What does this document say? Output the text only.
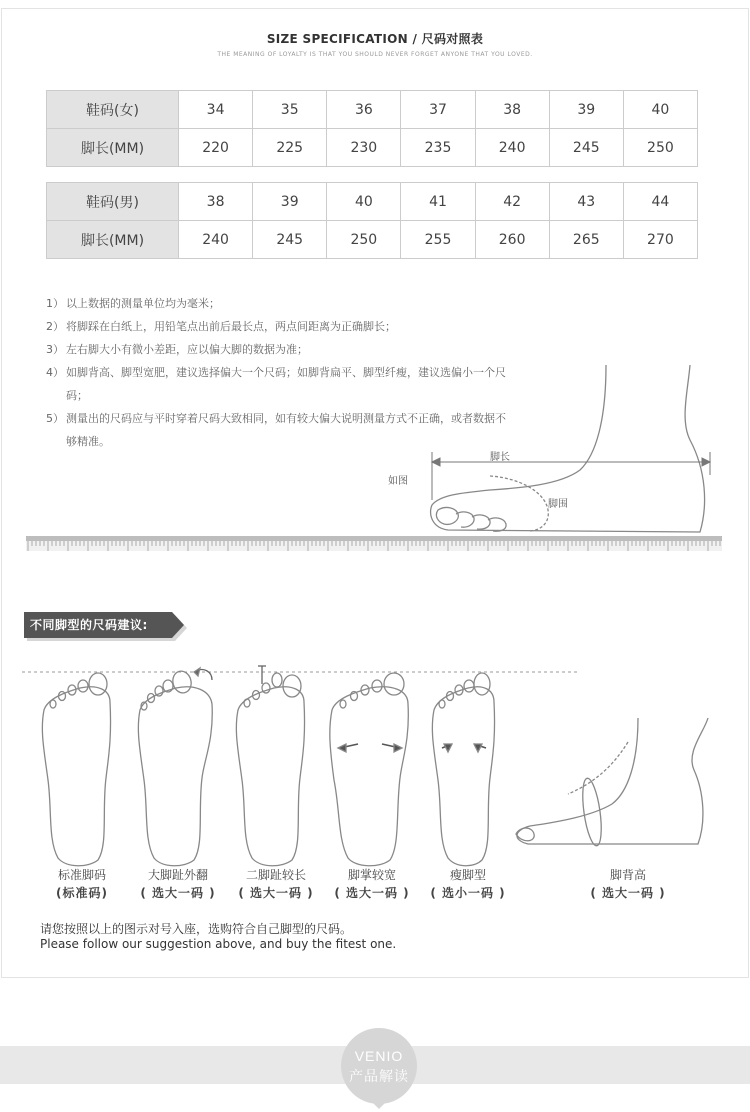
SIZE SPECIFICATION / 尺码对照表
THE MEANING OF LOYALTY IS THAT YOU SHOULD NEVER FORGET ANYONE THAT YOU LOVED.
鞋码(女)	34	35	36	37	38	39	40
脚长(MM)	220	225	230	235	240	245	250
鞋码(男)	38	39	40	41	42	43	44
脚长(MM)	240	245	250	255	260	265	270
1） 以上数据的测量单位均为毫米；
2） 将脚踩在白纸上，用铅笔点出前后最长点，两点间距离为正确脚长；
3） 左右脚大小有微小差距，应以偏大脚的数据为准；
4） 如脚背高、脚型宽肥，建议选择偏大一个尺码；如脚背扁平、脚型纤瘦，建议选偏小一个尺码；
5） 测量出的尺码应与平时穿着尺码大致相同，如有较大偏大说明测量方式不正确，或者数据不够精准。
如图
脚长
脚围
不同脚型的尺码建议:
标准脚码
(标准码)
大脚趾外翻
( 选大一码 )
二脚趾较长
( 选大一码 )
脚掌较宽
( 选大一码 )
瘦脚型
( 选小一码 )
脚背高
( 选大一码 )
请您按照以上的图示对号入座，选购符合自己脚型的尺码。
Please follow our suggestion above, and buy the fitest one.
VENIO
产品解读
